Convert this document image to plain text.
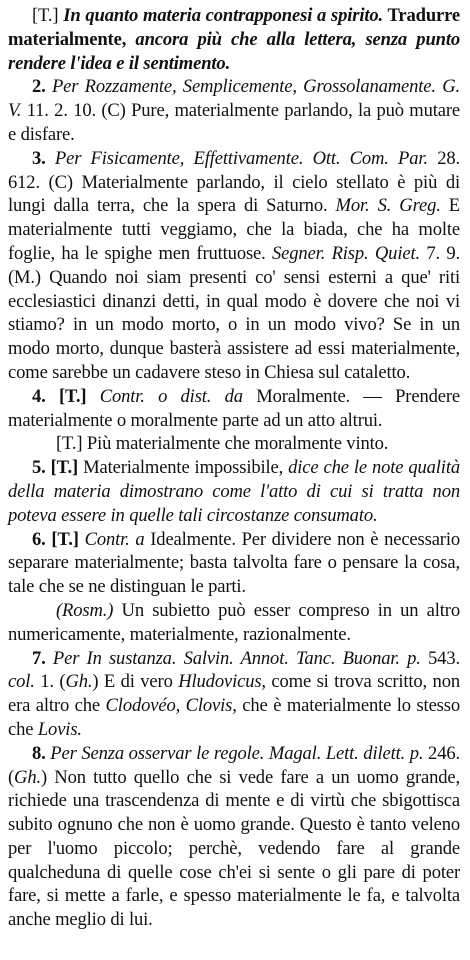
[T.] In quanto materia contrapponesi a spirito. Tradurre materialmente, ancora più che alla lettera, senza punto rendere l'idea e il sentimento.

2. Per Rozzamente, Semplicemente, Grossolanamente. G. V. 11. 2. 10. (C) Pure, materialmente parlando, la può mutare e disfare.

3. Per Fisicamente, Effettivamente. Ott. Com. Par. 28. 612. (C) Materialmente parlando, il cielo stellato è più di lungi dalla terra, che la spera di Saturno. Mor. S. Greg. E materialmente tutti veggiamo, che la biada, che ha molte foglie, ha le spighe men fruttuose. Segner. Risp. Quiet. 7. 9. (M.) Quando noi siam presenti co' sensi esterni a que' riti ecclesiastici dinanzi detti, in qual modo è dovere che noi vi stiamo? in un modo morto, o in un modo vivo? Se in un modo morto, dunque basterà assistere ad essi materialmente, come sarebbe un cadavere steso in Chiesa sul cataletto.

4. [T.] Contr. o dist. da Moralmente. — Prendere materialmente o moralmente parte ad un atto altrui.

[T.] Più materialmente che moralmente vinto.

5. [T.] Materialmente impossibile, dice che le note qualità della materia dimostrano come l'atto di cui si tratta non poteva essere in quelle tali circostanze consumato.

6. [T.] Contr. a Idealmente. Per dividere non è necessario separare materialmente; basta talvolta fare o pensare la cosa, tale che se ne distinguan le parti.

(Rosm.) Un subietto può esser compreso in un altro numericamente, materialmente, razionalmente.

7. Per In sustanza. Salvin. Annot. Tanc. Buonar. p. 543. col. 1. (Gh.) E di vero Hludovicus, come si trova scritto, non era altro che Clodovéo, Clovis, che è materialmente lo stesso che Lovis.

8. Per Senza osservar le regole. Magal. Lett. dilett. p. 246. (Gh.) Non tutto quello che si vede fare a un uomo grande, richiede una trascendenza di mente e di virtù che sbigottisca subito ognuno che non è uomo grande. Questo è tanto veleno per l'uomo piccolo; perchè, vedendo fare al grande qualcheduna di quelle cose ch'ei si sente o gli pare di poter fare, si mette a farle, e spesso materialmente le fa, e talvolta anche meglio di lui.
